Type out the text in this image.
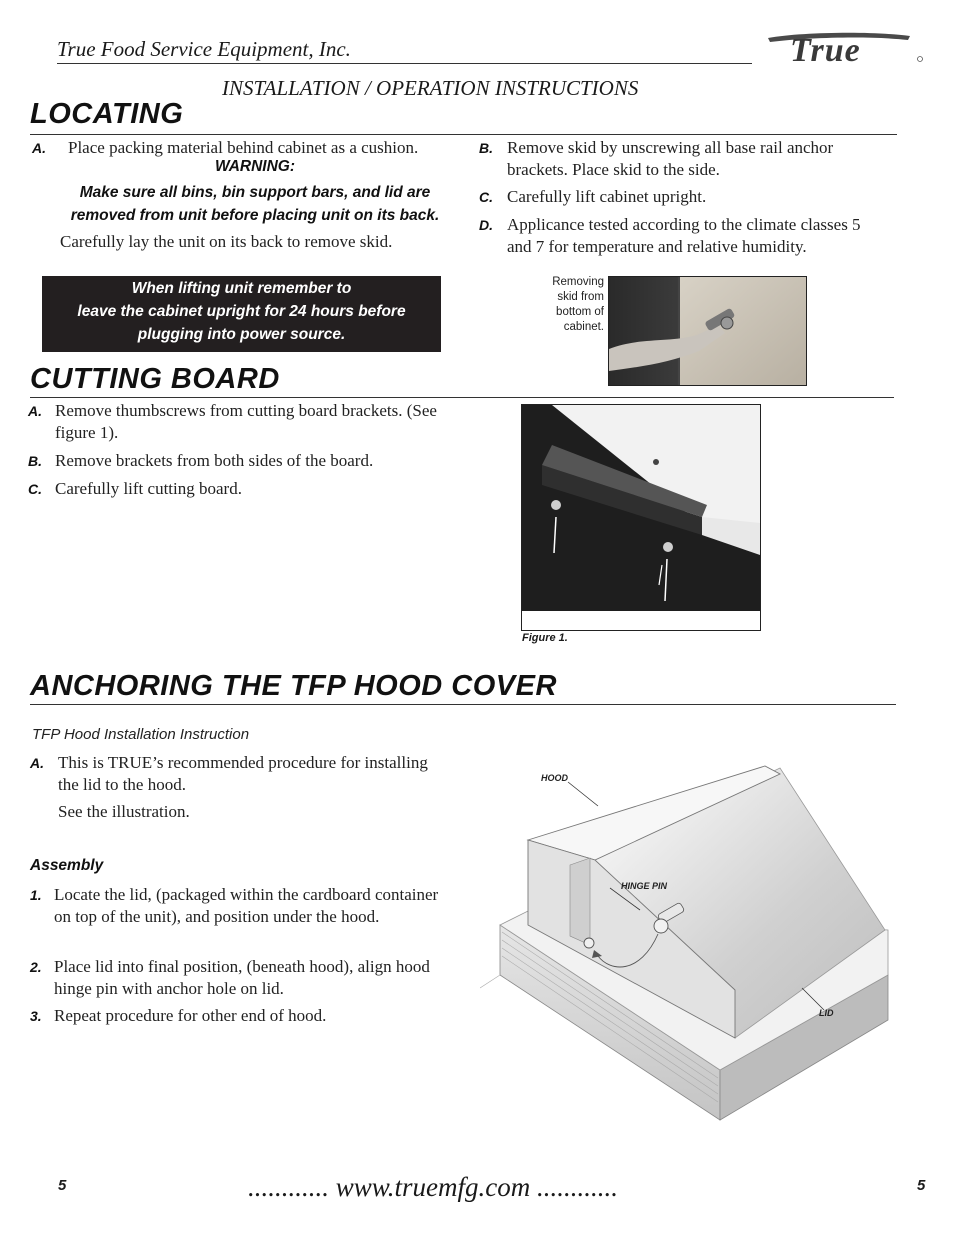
True Food Service Equipment, Inc.
INSTALLATION / OPERATION INSTRUCTIONS
True
LOCATING
A. Place packing material behind cabinet as a cushion.
WARNING:
Make sure all bins, bin support bars, and lid are
removed from unit before placing unit on its back.
Carefully lay the unit on its back to remove skid.
When lifting unit remember to
leave the cabinet upright for 24 hours before
plugging into power source.
B. Remove skid by unscrewing all base rail anchor brackets. Place skid to the side.
C. Carefully lift cabinet upright.
D. Applicance tested according to the climate classes 5 and 7 for temperature and relative humidity.
Removing
skid from
bottom of
cabinet.
CUTTING BOARD
A. Remove thumbscrews from cutting board brackets. (See figure 1).
B. Remove brackets from both sides of the board.
C. Carefully lift cutting board.
Figure 1.
ANCHORING THE TFP HOOD COVER
TFP Hood Installation Instruction
A. This is TRUE’s recommended procedure for installing the lid to the hood.
See the illustration.
Assembly
1. Locate the lid, (packaged within the cardboard container on top of the unit), and position under the hood.
2. Place lid into final position, (beneath hood), align hood hinge pin with anchor hole on lid.
3. Repeat procedure for other end of hood.
HOOD
HINGE PIN
LID
5	............ www.truemfg.com ............	5
